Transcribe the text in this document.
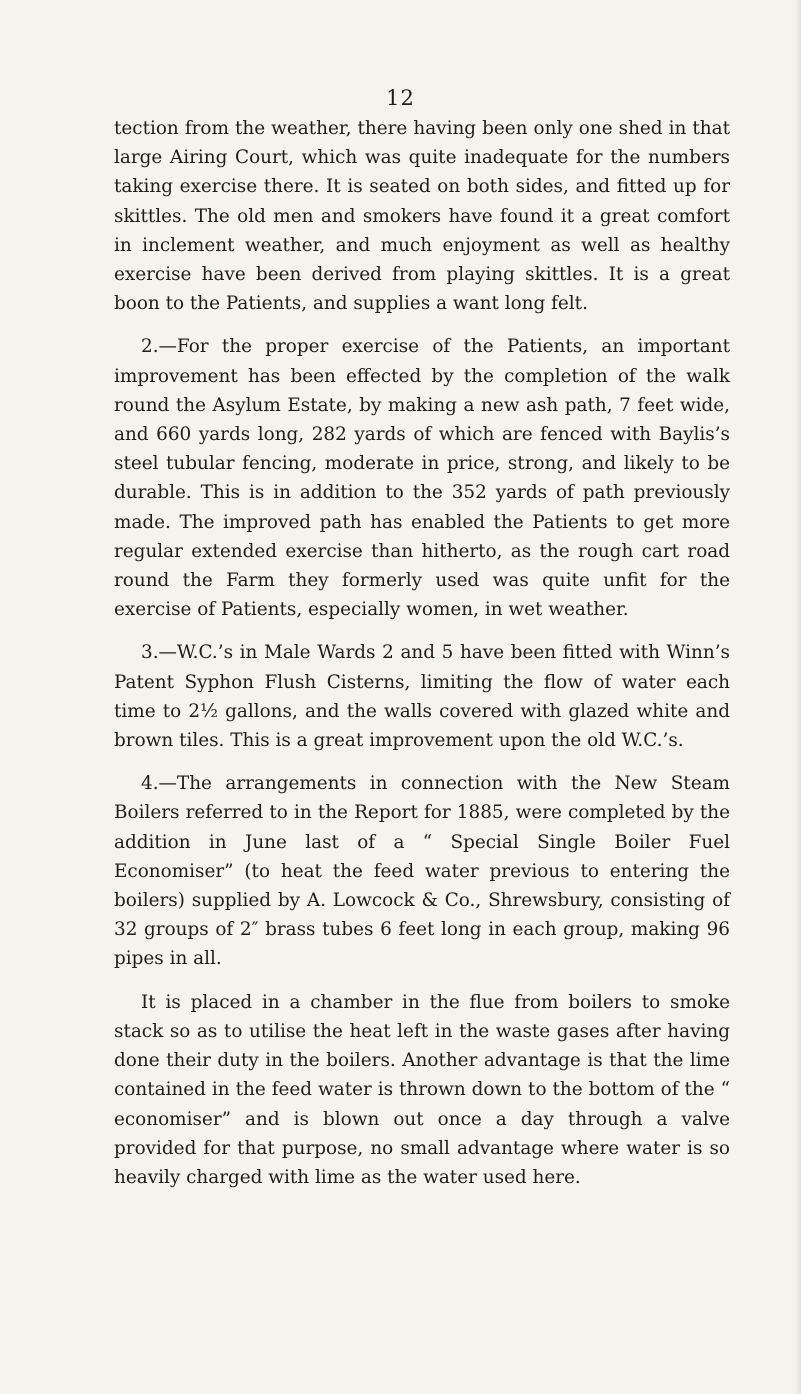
12

tection from the weather, there having been only one shed in that large Airing Court, which was quite inadequate for the numbers taking exercise there. It is seated on both sides, and fitted up for skittles. The old men and smokers have found it a great comfort in inclement weather, and much enjoyment as well as healthy exercise have been derived from playing skittles. It is a great boon to the Patients, and supplies a want long felt.

2.—For the proper exercise of the Patients, an important improvement has been effected by the completion of the walk round the Asylum Estate, by making a new ash path, 7 feet wide, and 660 yards long, 282 yards of which are fenced with Baylis’s steel tubular fencing, moderate in price, strong, and likely to be durable. This is in addition to the 352 yards of path previously made. The improved path has enabled the Patients to get more regular extended exercise than hitherto, as the rough cart road round the Farm they formerly used was quite unfit for the exercise of Patients, especially women, in wet weather.

3.—W.C.’s in Male Wards 2 and 5 have been fitted with Winn’s Patent Syphon Flush Cisterns, limiting the flow of water each time to 2½ gallons, and the walls covered with glazed white and brown tiles. This is a great improvement upon the old W.C.’s.

4.—The arrangements in connection with the New Steam Boilers referred to in the Report for 1885, were completed by the addition in June last of a “ Special Single Boiler Fuel Economiser” (to heat the feed water previous to entering the boilers) supplied by A. Lowcock & Co., Shrewsbury, consisting of 32 groups of 2″ brass tubes 6 feet long in each group, making 96 pipes in all.

It is placed in a chamber in the flue from boilers to smoke stack so as to utilise the heat left in the waste gases after having done their duty in the boilers. Another advantage is that the lime contained in the feed water is thrown down to the bottom of the “ economiser” and is blown out once a day through a valve provided for that purpose, no small advantage where water is so heavily charged with lime as the water used here.
